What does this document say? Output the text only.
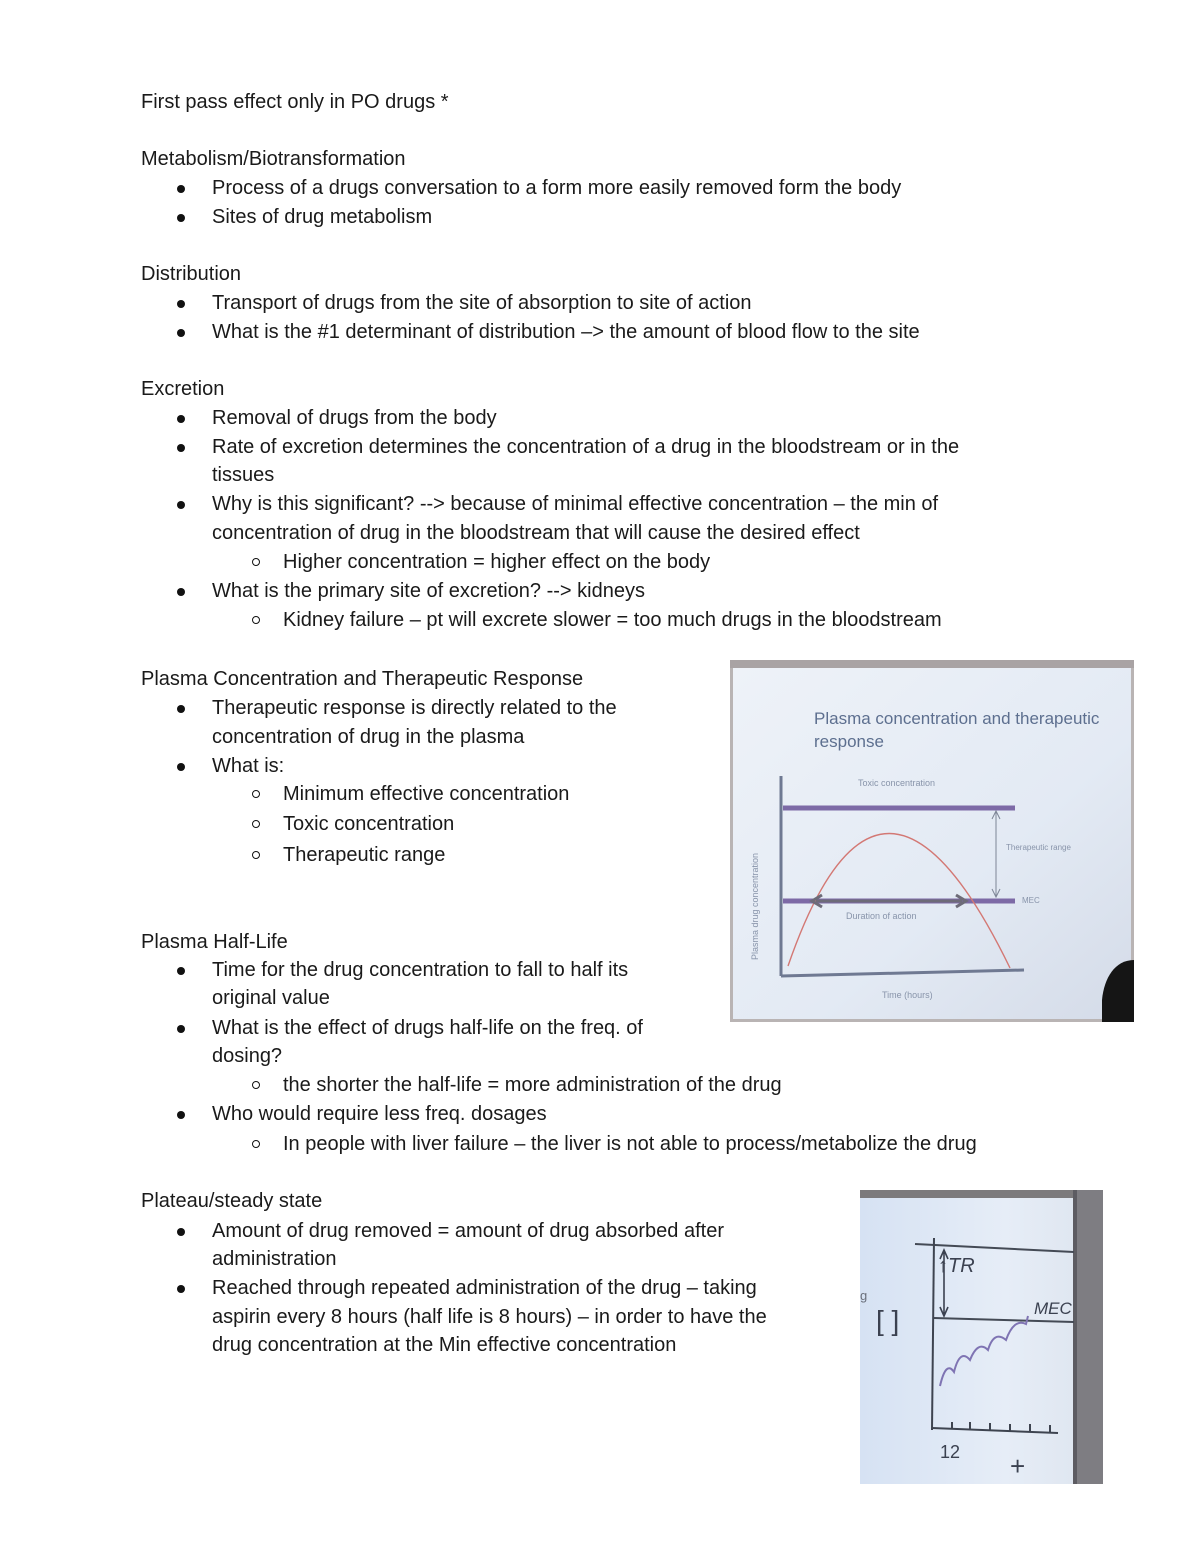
First pass effect only in PO drugs *
Metabolism/Biotransformation
Process of a drugs conversation to a form more easily removed form the body
Sites of drug metabolism
Distribution
Transport of drugs from the site of absorption to site of action
What is the #1 determinant of distribution –> the amount of blood flow to the site
Excretion
Removal of drugs from the body
Rate of excretion determines the concentration of a drug in the bloodstream or in the
tissues
Why is this significant? --> because of minimal effective concentration – the min of
concentration of drug in the bloodstream that will cause the desired effect
Higher concentration = higher effect on the body
What is the primary site of excretion? --> kidneys
Kidney failure – pt will excrete slower = too much drugs in the bloodstream
Plasma Concentration and Therapeutic Response
Therapeutic response is directly related to the
concentration of drug in the plasma
What is:
Minimum effective concentration
Toxic concentration
Therapeutic range
Plasma Half-Life
Time for the drug concentration to fall to half its
original value
What is the effect of drugs half-life on the freq. of
dosing?
the shorter the half-life = more administration of the drug
Who would require less freq. dosages
In people with liver failure – the liver is not able to process/metabolize the drug
Plateau/steady state
Amount of drug removed = amount of drug absorbed after
administration
Reached through repeated administration of the drug – taking
aspirin every 8 hours (half life is 8 hours) – in order to have the
drug concentration at the Min effective concentration
Plasma concentration and therapeutic
response
Toxic concentration
Therapeutic range
MEC
Duration of action
Time (hours)
Plasma drug concentration
↑TR
[ ]	MEC
g
12 +
